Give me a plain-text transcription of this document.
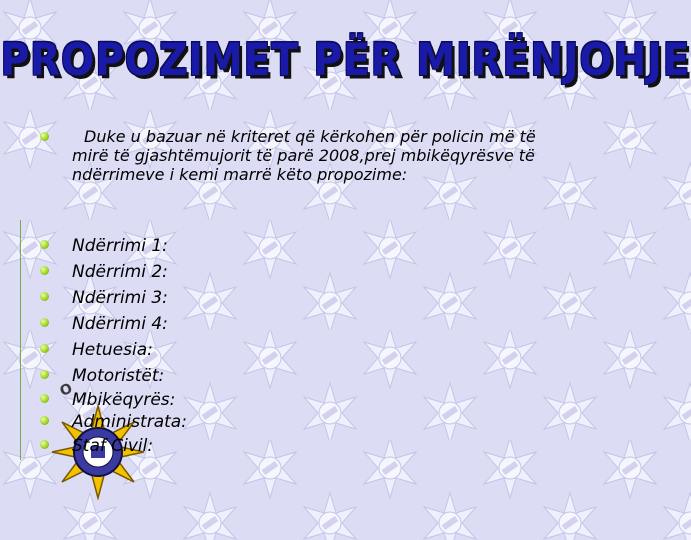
PROPOZIMET PËR MIRËNJOHJE
Duke u bazuar në kriteret që kërkohen për policin më të
mirë të gjashtëmujorit të parë 2008,prej mbikëqyrësve të
ndërrimeve i kemi marrë këto propozime:
O
Ndërrimi 1:
Ndërrimi 2:
Ndërrimi 3:
Ndërrimi 4:
Hetuesia:
Motoristët:
Mbikëqyrës:
Administrata:
Staf Civil:
